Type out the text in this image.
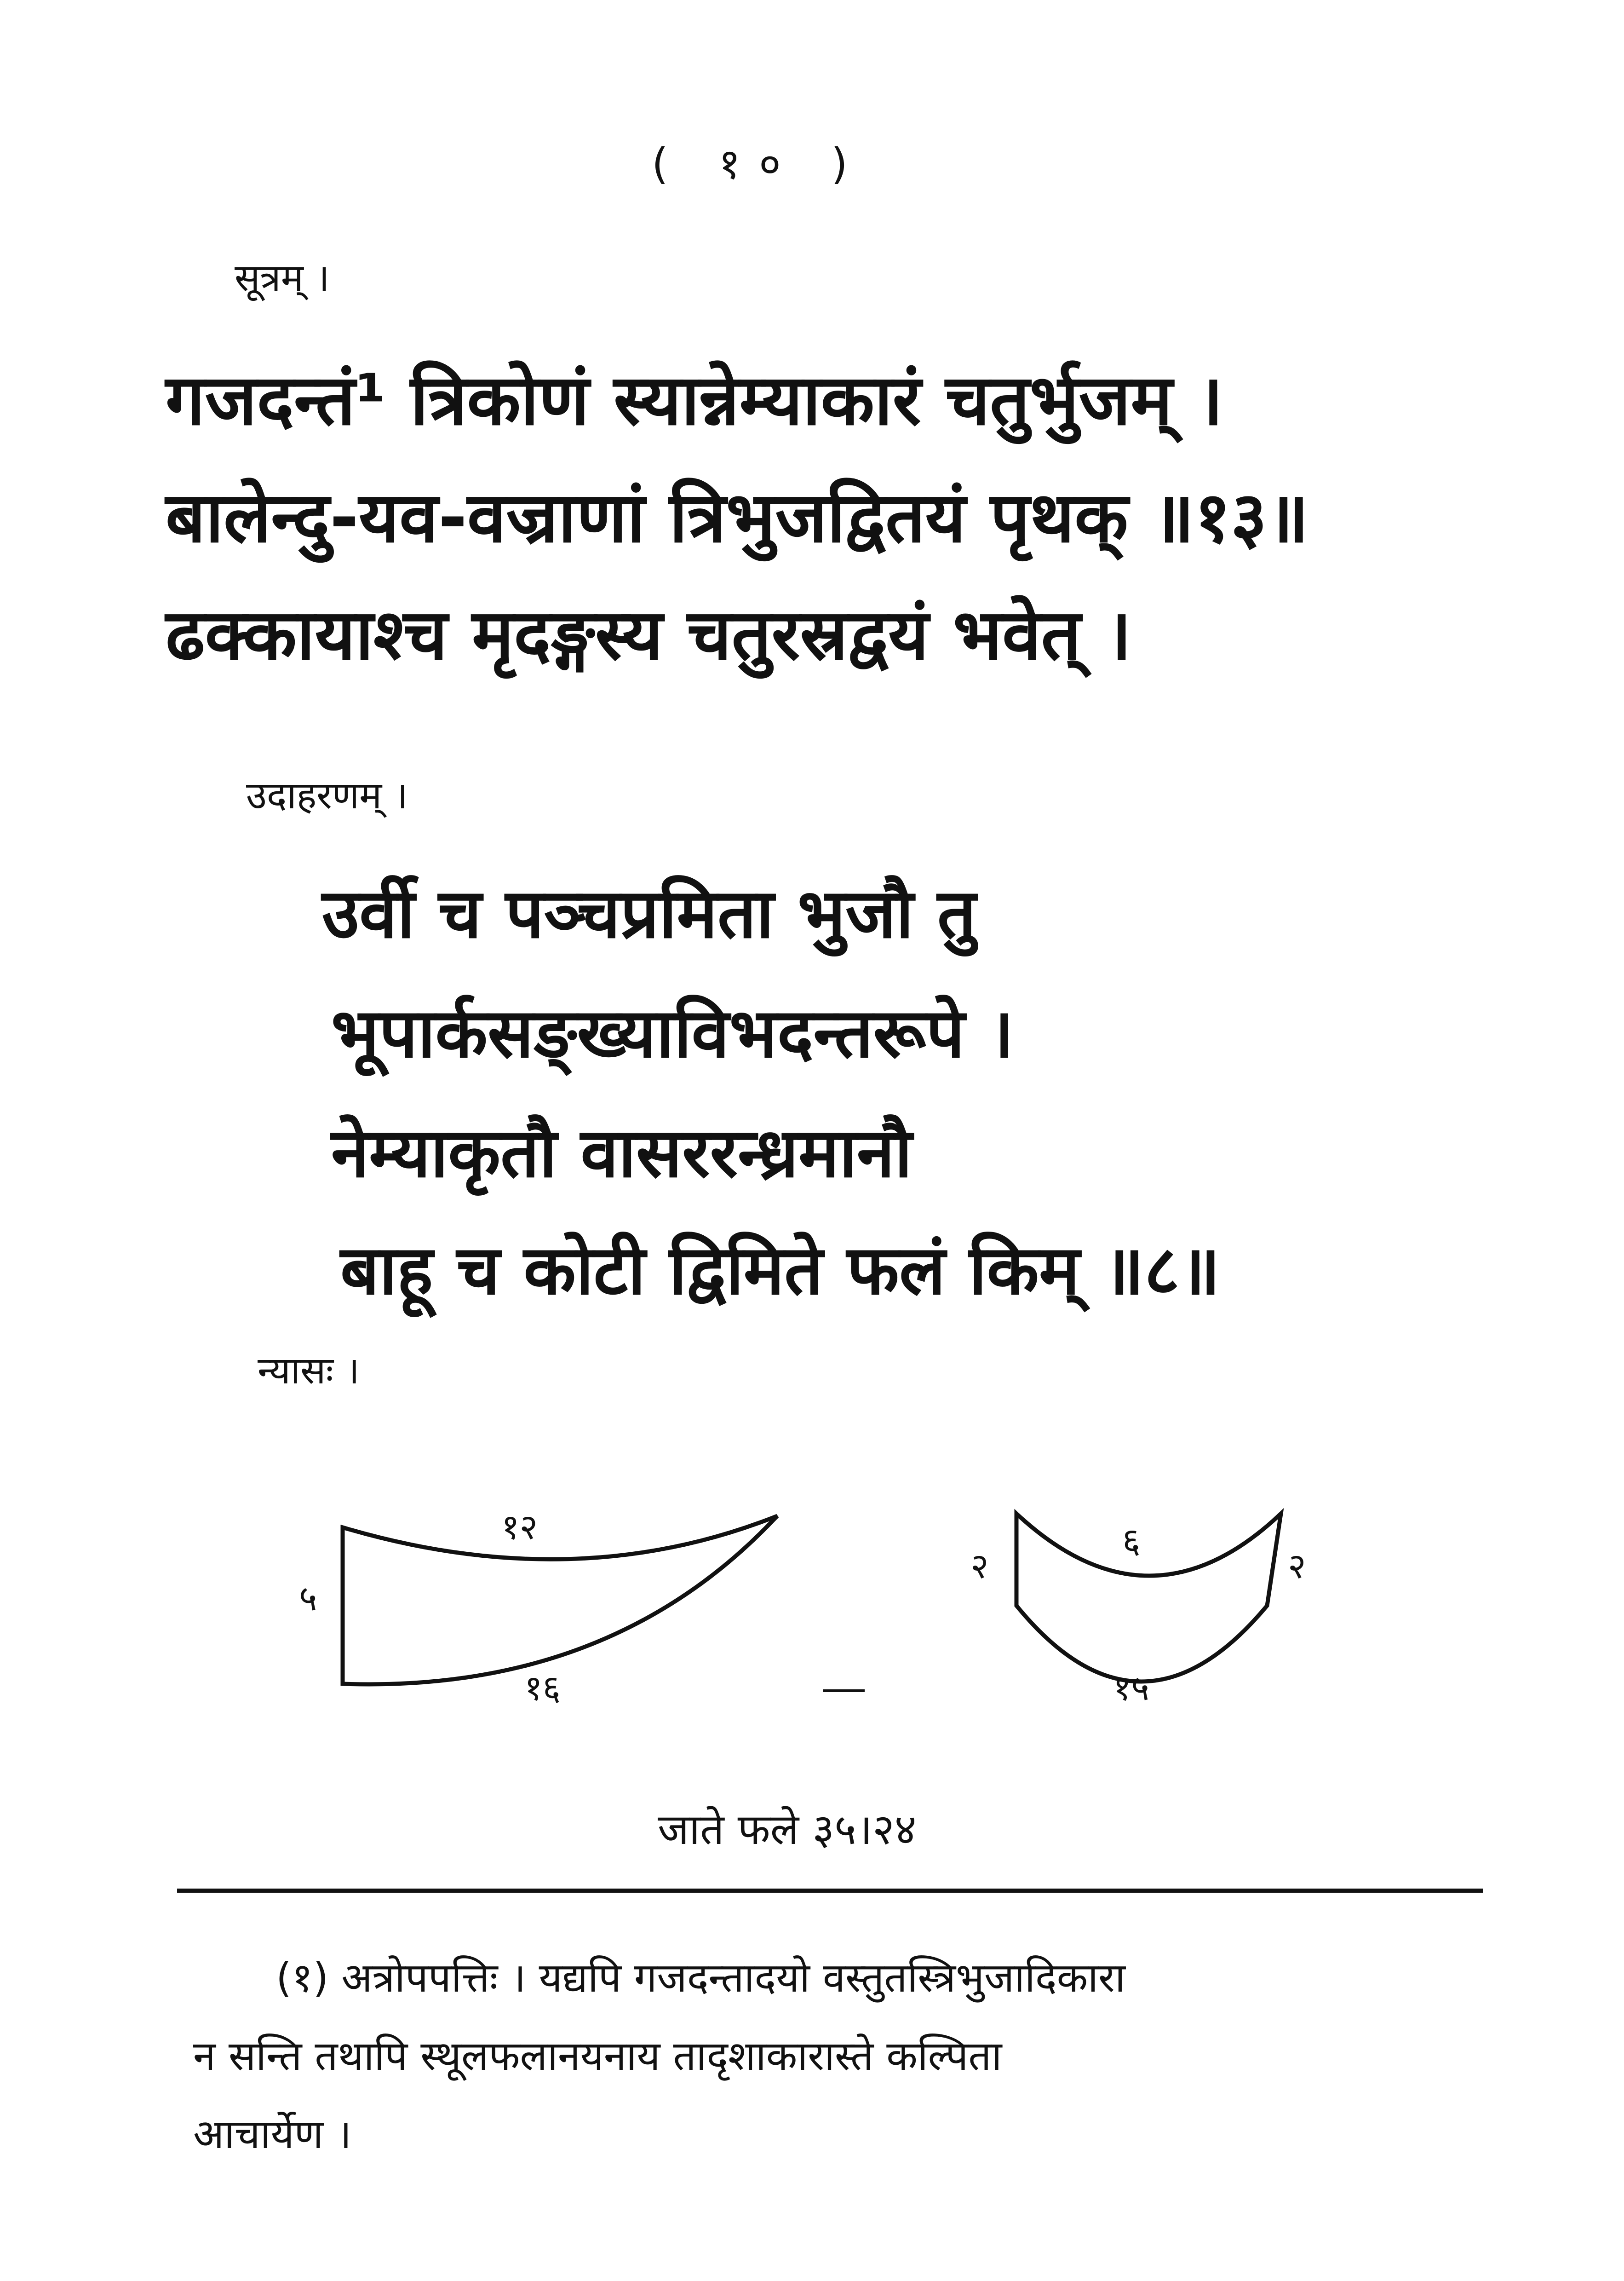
( १० )
सूत्रम् ।
गजदन्तं¹ त्रिकोणं स्यान्नेम्याकारं चतुर्भुजम् ।
बालेन्दु-यव-वज्राणां त्रिभुजद्वितयं पृथक् ॥१३॥
ढक्कायाश्च मृदङ्गस्य चतुरस्रद्वयं भवेत् ।
उदाहरणम् ।
उर्वी च पञ्चप्रमिता भुजौ तु
भूपार्कसङ्ख्याविभदन्तरूपे ।
नेम्याकृतौ वासररन्ध्रमानौ
बाहू च कोटी द्विमिते फलं किम् ॥८॥
न्यासः ।
१२
५
१६
६
२	२
१५
जाते फले ३५।२४
(१) अत्रोपपत्तिः । यद्यपि गजदन्तादयो वस्तुतस्त्रिभुजादिकारा
न सन्ति तथापि स्थूलफलानयनाय तादृशाकारास्ते कल्पिता
आचार्येण ।
